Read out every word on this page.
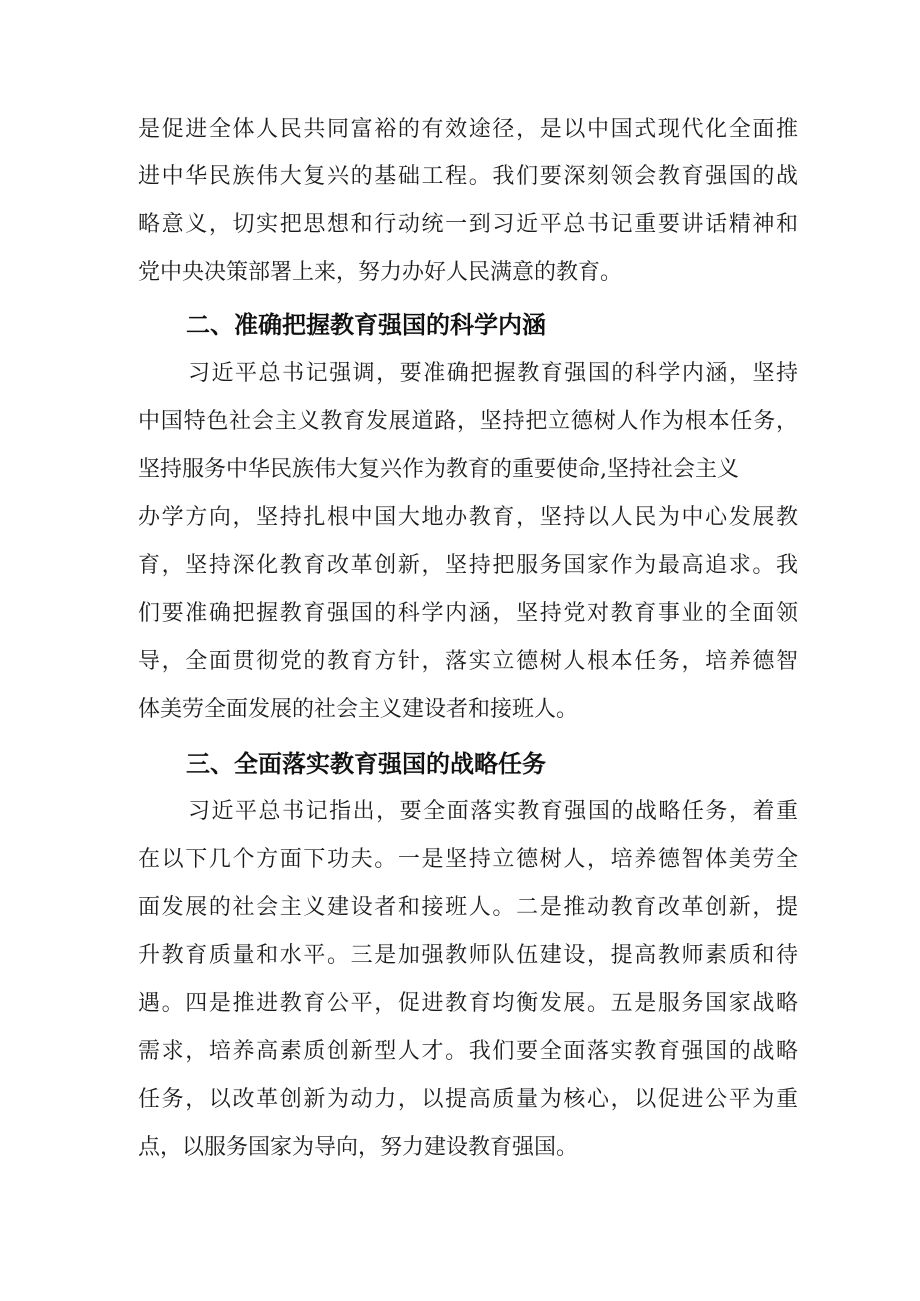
是促进全体人民共同富裕的有效途径，是以中国式现代化全面推
进中华民族伟大复兴的基础工程。我们要深刻领会教育强国的战
略意义，切实把思想和行动统一到习近平总书记重要讲话精神和
党中央决策部署上来，努力办好人民满意的教育。
二、准确把握教育强国的科学内涵
习近平总书记强调，要准确把握教育强国的科学内涵，坚持
中国特色社会主义教育发展道路，坚持把立德树人作为根本任务，
坚持服务中华民族伟大复兴作为教育的重要使命,坚持社会主义
办学方向，坚持扎根中国大地办教育，坚持以人民为中心发展教
育，坚持深化教育改革创新，坚持把服务国家作为最高追求。我
们要准确把握教育强国的科学内涵，坚持党对教育事业的全面领
导，全面贯彻党的教育方针，落实立德树人根本任务，培养德智
体美劳全面发展的社会主义建设者和接班人。
三、全面落实教育强国的战略任务
习近平总书记指出，要全面落实教育强国的战略任务，着重
在以下几个方面下功夫。一是坚持立德树人，培养德智体美劳全
面发展的社会主义建设者和接班人。二是推动教育改革创新，提
升教育质量和水平。三是加强教师队伍建设，提高教师素质和待
遇。四是推进教育公平，促进教育均衡发展。五是服务国家战略
需求，培养高素质创新型人才。我们要全面落实教育强国的战略
任务，以改革创新为动力，以提高质量为核心，以促进公平为重
点，以服务国家为导向，努力建设教育强国。
